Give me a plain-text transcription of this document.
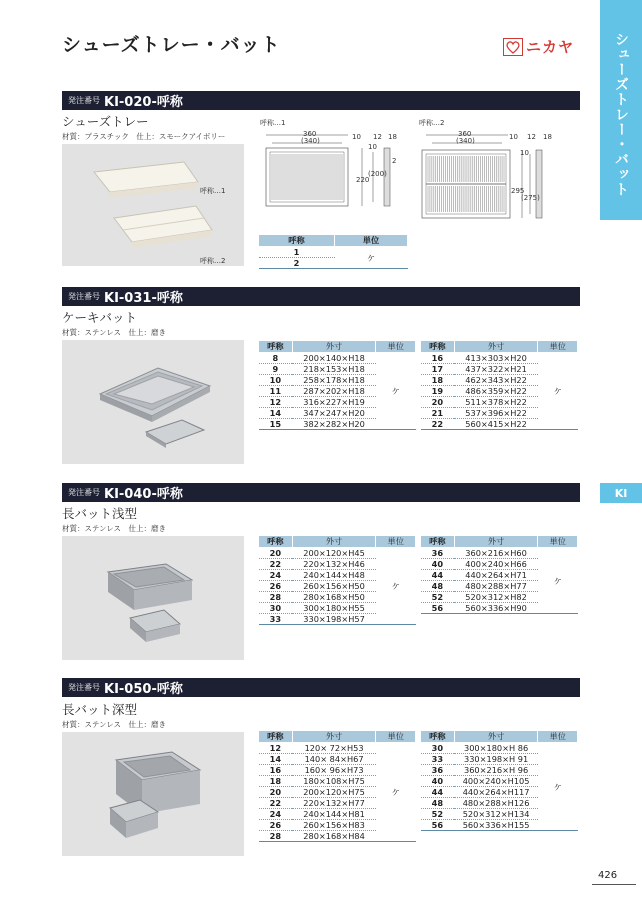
シューズトレー・バット	ニカヤ	シューズトレー・バット
KI
発注番号 KI-020-呼称
シューズトレー
材質：プラスチック　仕上：スモークアイボリー
呼称…1
呼称…2
呼称…1
360
(340)	10 12 18
10
2
220
(200)
呼称…2
360
(340)	10 12 18
10
295
(275)
呼称	単位
1	ケ
2	
発注番号 KI-031-呼称
ケーキバット
材質：ステンレス　仕上：磨き
発注番号 KI-040-呼称
長バット浅型
材質：ステンレス　仕上：磨き
発注番号 KI-050-呼称
長バット深型
材質：ステンレス　仕上：磨き
呼称	外寸	単位
8	200×140×H18	ケ
9	218×153×H18	
10	258×178×H18	
11	287×202×H18	
12	316×227×H19	
14	347×247×H20	
15	382×282×H20	
呼称	外寸	単位
16	413×303×H20	ケ
17	437×322×H21	
18	462×343×H22	
19	486×359×H22	
20	511×378×H22	
21	537×396×H22	
22	560×415×H22	
呼称	外寸	単位
20	200×120×H45	ケ
22	220×132×H46	
24	240×144×H48	
26	260×156×H50	
28	280×168×H50	
30	300×180×H55	
33	330×198×H57	
呼称	外寸	単位
36	360×216×H60	ケ
40	400×240×H66	
44	440×264×H71	
48	480×288×H77	
52	520×312×H82	
56	560×336×H90	
呼称	外寸	単位
12	120× 72×H53	ケ
14	140× 84×H67	
16	160× 96×H73	
18	180×108×H75	
20	200×120×H75	
22	220×132×H77	
24	240×144×H81	
26	260×156×H83	
28	280×168×H84	
呼称	外寸	単位
30	300×180×H 86	ケ
33	330×198×H 91	
36	360×216×H 96	
40	400×240×H105	
44	440×264×H117	
48	480×288×H126	
52	520×312×H134	
56	560×336×H155	
426
